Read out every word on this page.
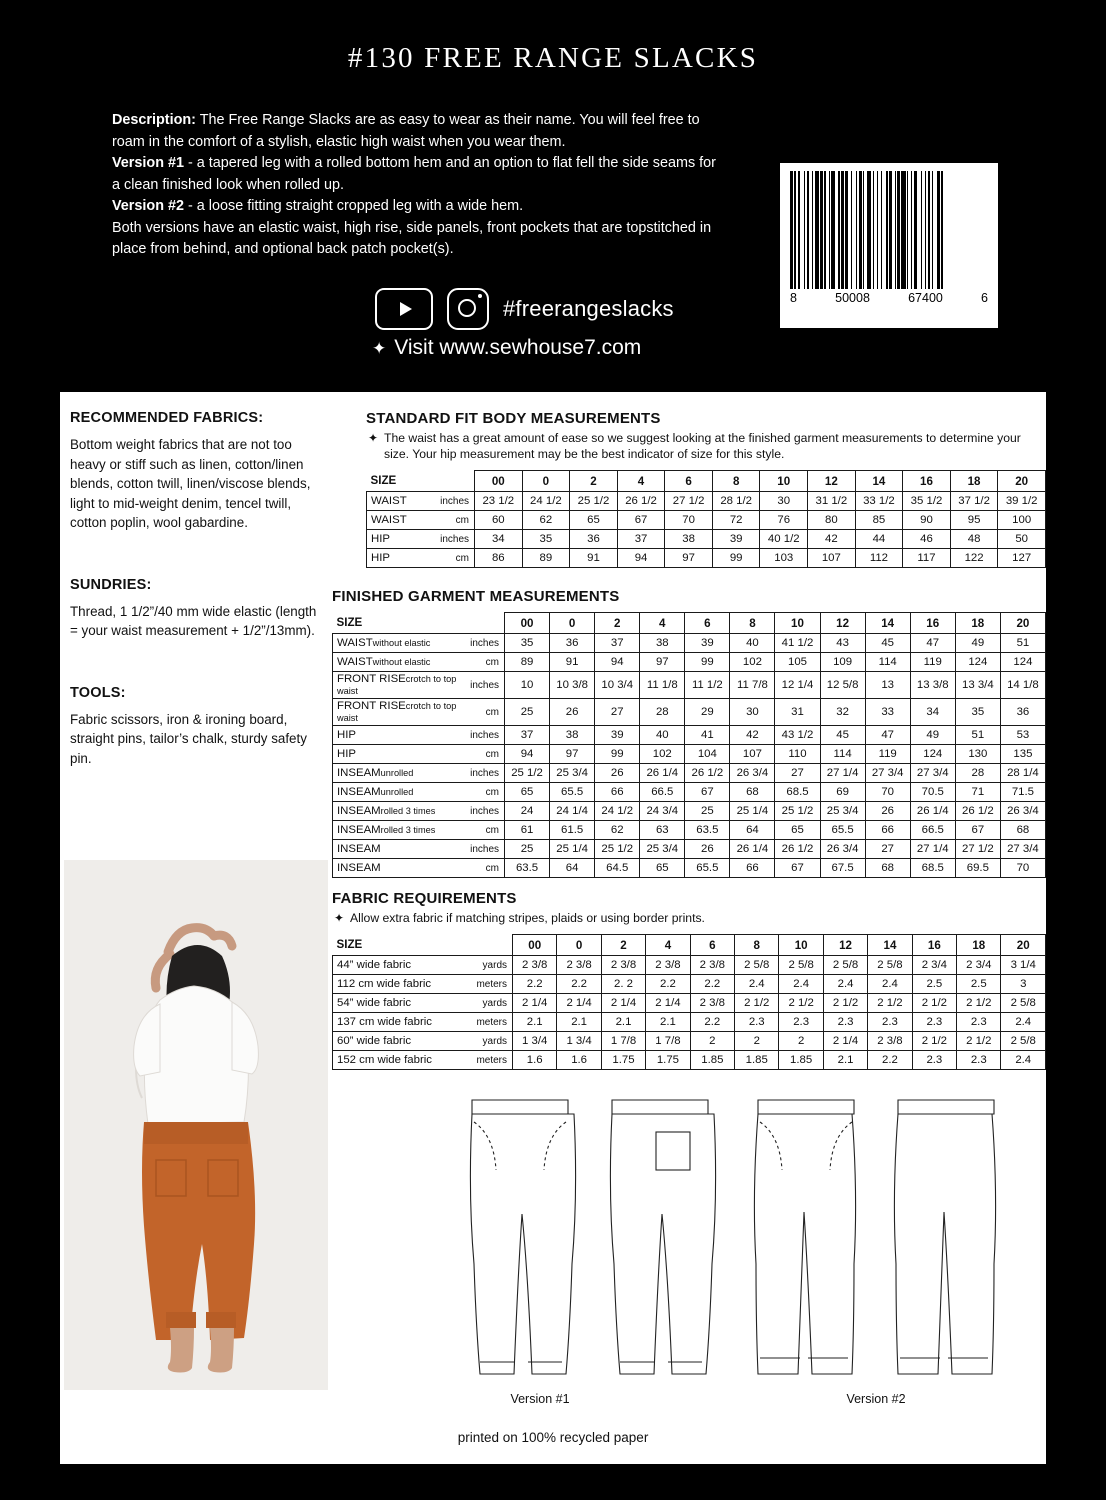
#130 FREE RANGE SLACKS
Description: The Free Range Slacks are as easy to wear as their name. You will feel free to roam in the comfort of a stylish, elastic high waist when you wear them.
Version #1 - a tapered leg with a rolled bottom hem and an option to flat fell the side seams for a clean finished look when rolled up.
Version #2 - a loose fitting straight cropped leg with a wide hem.
Both versions have an elastic waist, high rise, side panels, front pockets that are topstitched in place from behind, and optional back patch pocket(s).
#freerangeslacks
✦ Visit www.sewhouse7.com
8	50008	67400	6
RECOMMENDED FABRICS:
Bottom weight fabrics that are not too heavy or stiff such as linen, cotton/linen blends, cotton twill, linen/viscose blends, light to mid-weight denim, tencel twill, cotton poplin, wool gabardine.
SUNDRIES:
Thread, 1 1/2”/40 mm wide elastic (length = your waist measurement + 1/2”/13mm).
TOOLS:
Fabric scissors, iron & ironing board, straight pins, tailor’s chalk, sturdy safety pin.
STANDARD FIT BODY MEASUREMENTS
✦ The waist has a great amount of ease so we suggest looking at the finished garment measurements to determine your size. Your hip measurement may be the best indicator of size for this style.
SIZE		00	0	2	4	6	8	10	12	14	16	18	20
WAIST	inches	23 1/2	24 1/2	25 1/2	26 1/2	27 1/2	28 1/2	30	31 1/2	33 1/2	35 1/2	37 1/2	39 1/2
WAIST	cm	60	62	65	67	70	72	76	80	85	90	95	100
HIP	inches	34	35	36	37	38	39	40 1/2	42	44	46	48	50
HIP	cm	86	89	91	94	97	99	103	107	112	117	122	127
FINISHED GARMENT MEASUREMENTS
SIZE		00	0	2	4	6	8	10	12	14	16	18	20
WAISTwithout elastic	inches	35	36	37	38	39	40	41 1/2	43	45	47	49	51
WAISTwithout elastic	cm	89	91	94	97	99	102	105	109	114	119	124	124
FRONT RISEcrotch to top waist	inches	10	10 3/8	10 3/4	11 1/8	11 1/2	11 7/8	12 1/4	12 5/8	13	13 3/8	13 3/4	14 1/8
FRONT RISEcrotch to top waist	cm	25	26	27	28	29	30	31	32	33	34	35	36
HIP	inches	37	38	39	40	41	42	43 1/2	45	47	49	51	53
HIP	cm	94	97	99	102	104	107	110	114	119	124	130	135
INSEAMunrolled	inches	25 1/2	25 3/4	26	26 1/4	26 1/2	26 3/4	27	27 1/4	27 3/4	27 3/4	28	28 1/4
INSEAMunrolled	cm	65	65.5	66	66.5	67	68	68.5	69	70	70.5	71	71.5
INSEAMrolled 3 times	inches	24	24 1/4	24 1/2	24 3/4	25	25 1/4	25 1/2	25 3/4	26	26 1/4	26 1/2	26 3/4
INSEAMrolled 3 times	cm	61	61.5	62	63	63.5	64	65	65.5	66	66.5	67	68
INSEAM	inches	25	25 1/4	25 1/2	25 3/4	26	26 1/4	26 1/2	26 3/4	27	27 1/4	27 1/2	27 3/4
INSEAM	cm	63.5	64	64.5	65	65.5	66	67	67.5	68	68.5	69.5	70
FABRIC REQUIREMENTS
✦ Allow extra fabric if matching stripes, plaids or using border prints.
SIZE		00	0	2	4	6	8	10	12	14	16	18	20
44” wide fabric	yards	2 3/8	2 3/8	2 3/8	2 3/8	2 3/8	2 5/8	2 5/8	2 5/8	2 5/8	2 3/4	2 3/4	3 1/4
112 cm wide fabric	meters	2.2	2.2	2. 2	2.2	2.2	2.4	2.4	2.4	2.4	2.5	2.5	3
54” wide fabric	yards	2 1/4	2 1/4	2 1/4	2 1/4	2 3/8	2 1/2	2 1/2	2 1/2	2 1/2	2 1/2	2 1/2	2 5/8
137 cm wide fabric	meters	2.1	2.1	2.1	2.1	2.2	2.3	2.3	2.3	2.3	2.3	2.3	2.4
60” wide fabric	yards	1 3/4	1 3/4	1 7/8	1 7/8	2	2	2	2 1/4	2 3/8	2 1/2	2 1/2	2 5/8
152 cm wide fabric	meters	1.6	1.6	1.75	1.75	1.85	1.85	1.85	2.1	2.2	2.3	2.3	2.4
Version #1	Version #2
printed on 100% recycled paper
